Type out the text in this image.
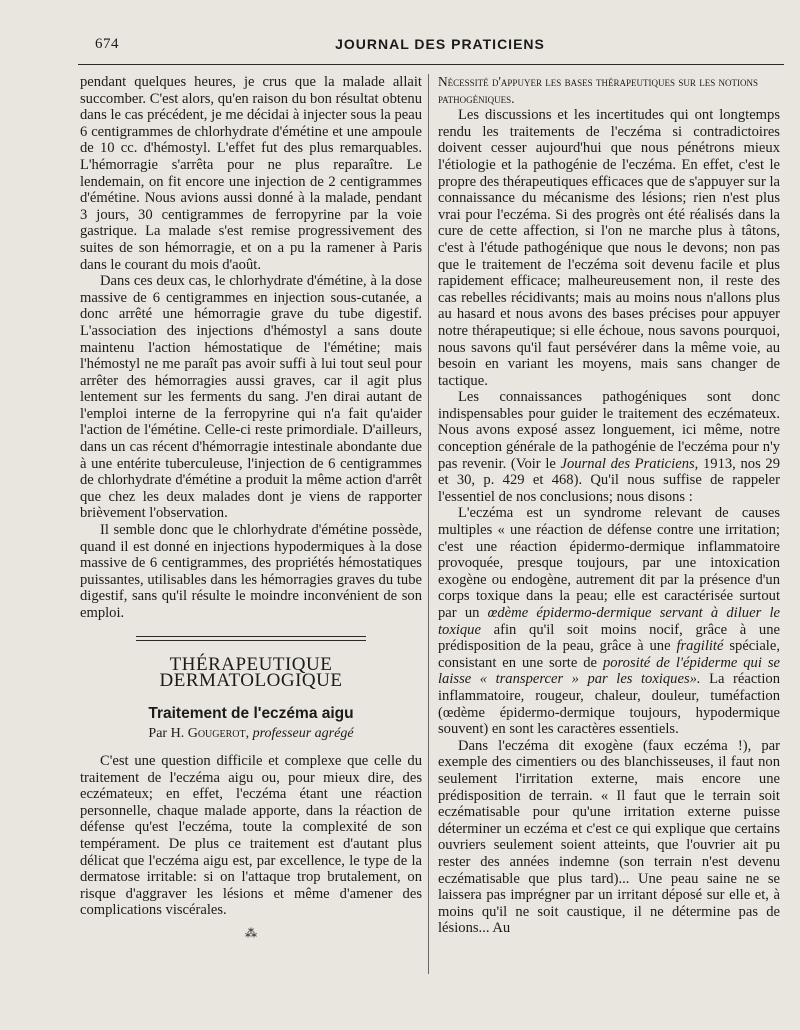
674	JOURNAL DES PRATICIENS

pendant quelques heures, je crus que la malade allait succomber. C'est alors, qu'en raison du bon résultat obtenu dans le cas précédent, je me décidai à injecter sous la peau 6 centigrammes de chlorhydrate d'émétine et une ampoule de 10 cc. d'hémostyl. L'effet fut des plus remarquables. L'hémorragie s'arrêta pour ne plus reparaître. Le lendemain, on fit encore une injection de 2 centigrammes d'émétine. Nous avions aussi donné à la malade, pendant 3 jours, 30 centigrammes de ferropyrine par la voie gastrique. La malade s'est remise progressivement des suites de son hémorragie, et on a pu la ramener à Paris dans le courant du mois d'août.

Dans ces deux cas, le chlorhydrate d'émétine, à la dose massive de 6 centigrammes en injection sous-cutanée, a donc arrêté une hémorragie grave du tube digestif. L'association des injections d'hémostyl a sans doute maintenu l'action hémostatique de l'émétine; mais l'hémostyl ne me paraît pas avoir suffi à lui tout seul pour arrêter des hémorragies aussi graves, car il agit plus lentement sur les ferments du sang. J'en dirai autant de l'emploi interne de la ferropyrine qui n'a fait qu'aider l'action de l'émétine. Celle-ci reste primordiale. D'ailleurs, dans un cas récent d'hémorragie intestinale abondante due à une entérite tuberculeuse, l'injection de 6 centigrammes de chlorhydrate d'émétine a produit la même action d'arrêt que chez les deux malades dont je viens de rapporter brièvement l'observation.

Il semble donc que le chlorhydrate d'émétine possède, quand il est donné en injections hypodermiques à la dose massive de 6 centigrammes, des propriétés hémostatiques puissantes, utilisables dans les hémorragies graves du tube digestif, sans qu'il résulte le moindre inconvénient de son emploi.

THÉRAPEUTIQUE DERMATOLOGIQUE
Traitement de l'eczéma aigu
Par H. Gougerot, professeur agrégé

C'est une question difficile et complexe que celle du traitement de l'eczéma aigu ou, pour mieux dire, des eczémateux; en effet, l'eczéma étant une réaction personnelle, chaque malade apporte, dans la réaction de défense qu'est l'eczéma, toute la complexité de son tempérament. De plus ce traitement est d'autant plus délicat que l'eczéma aigu est, par excellence, le type de la dermatose irritable: si on l'attaque trop brutalement, on risque d'aggraver les lésions et même d'amener des complications viscérales.

⁂

Nécessité d'appuyer les bases thérapeutiques sur les notions pathogéniques.

Les discussions et les incertitudes qui ont longtemps rendu les traitements de l'eczéma si contradictoires doivent cesser aujourd'hui que nous pénétrons mieux l'étiologie et la pathogénie de l'eczéma. En effet, c'est le propre des thérapeutiques efficaces que de s'appuyer sur la connaissance du mécanisme des lésions; rien n'est plus vrai pour l'eczéma. Si des progrès ont été réalisés dans la cure de cette affection, si l'on ne marche plus à tâtons, c'est à l'étude pathogénique que nous le devons; non pas que le traitement de l'eczéma soit devenu facile et plus rapidement efficace; malheureusement non, il reste des cas rebelles récidivants; mais au moins nous n'allons plus au hasard et nous avons des bases précises pour appuyer notre thérapeutique; si elle échoue, nous savons pourquoi, nous savons qu'il faut persévérer dans la même voie, au besoin en variant les moyens, mais sans changer de tactique.

Les connaissances pathogéniques sont donc indispensables pour guider le traitement des eczémateux. Nous avons exposé assez longuement, ici même, notre conception générale de la pathogénie de l'eczéma pour n'y pas revenir. (Voir le Journal des Praticiens, 1913, nos 29 et 30, p. 429 et 468). Qu'il nous suffise de rappeler l'essentiel de nos conclusions; nous disons :

L'eczéma est un syndrome relevant de causes multiples « une réaction de défense contre une irritation; c'est une réaction épidermo-dermique inflammatoire provoquée, presque toujours, par une intoxication exogène ou endogène, autrement dit par la présence d'un corps toxique dans la peau; elle est caractérisée surtout par un œdème épidermo-dermique servant à diluer le toxique afin qu'il soit moins nocif, grâce à une prédisposition de la peau, grâce à une fragilité spéciale, consistant en une sorte de porosité de l'épiderme qui se laisse « transpercer » par les toxiques». La réaction inflammatoire, rougeur, chaleur, douleur, tuméfaction (œdème épidermo-dermique toujours, hypodermique souvent) en sont les caractères essentiels.

Dans l'eczéma dit exogène (faux eczéma !), par exemple des cimentiers ou des blanchisseuses, il faut non seulement l'irritation externe, mais encore une prédisposition de terrain. « Il faut que le terrain soit eczématisable pour qu'une irritation externe puisse déterminer un eczéma et c'est ce qui explique que certains ouvriers seulement soient atteints, que l'ouvrier ait pu rester des années indemne (son terrain n'est devenu eczématisable que plus tard)... Une peau saine ne se laissera pas imprégner par un irritant déposé sur elle et, à moins qu'il ne soit caustique, il ne détermine pas de lésions... Au
